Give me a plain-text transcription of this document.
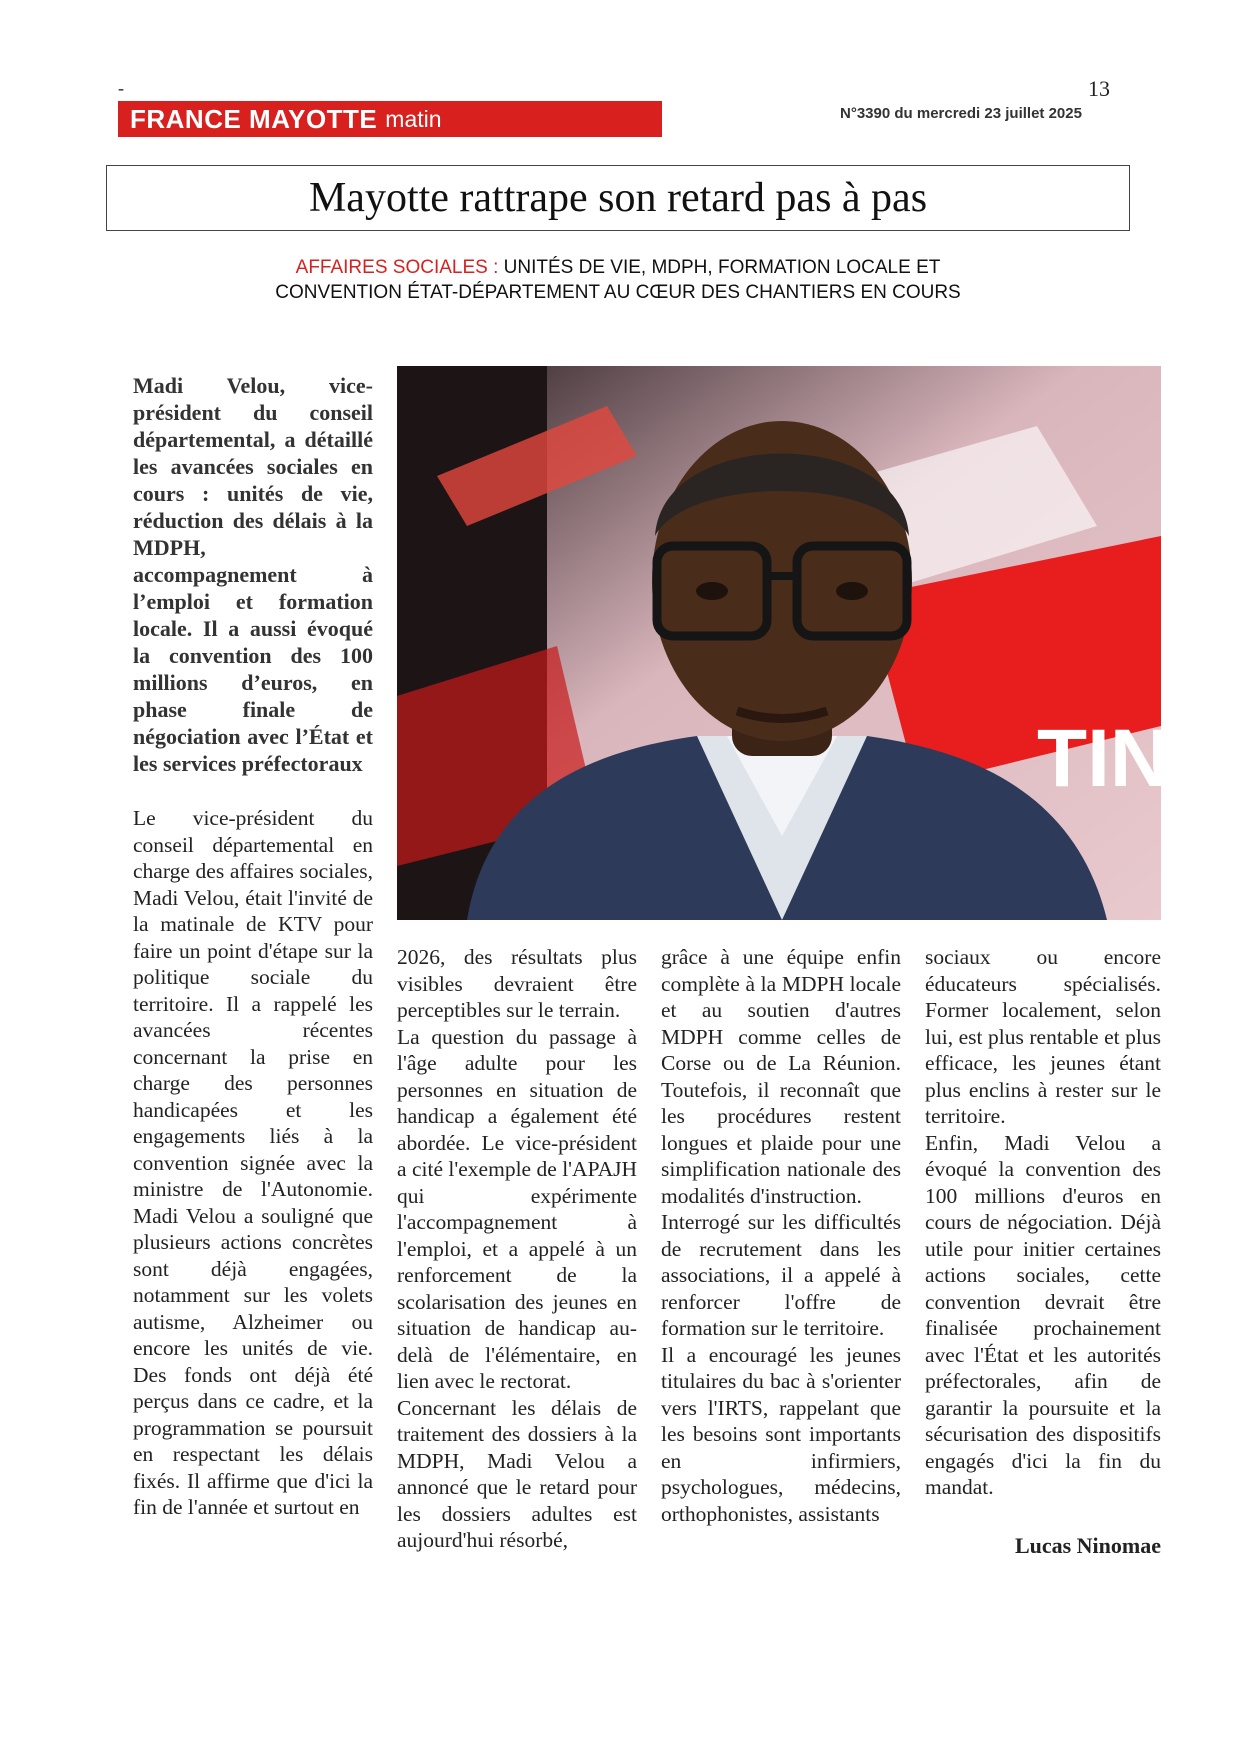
-	13
FRANCE MAYOTTE matin	N°3390 du mercredi 23 juillet 2025
Mayotte rattrape son retard pas à pas
AFFAIRES SOCIALES : UNITÉS DE VIE, MDPH, FORMATION LOCALE ET
CONVENTION ÉTAT-DÉPARTEMENT AU CŒUR DES CHANTIERS EN COURS
TINA
Madi Velou, vice-président du conseil départemental, a détaillé les avancées sociales en cours : unités de vie, réduction des délais à la MDPH, accompagnement à l’emploi et formation locale. Il a aussi évoqué la convention des 100 millions d’euros, en phase finale de négociation avec l’État et les services préfectoraux

Le vice-président du conseil départemental en charge des affaires sociales, Madi Velou, était l'invité de la matinale de KTV pour faire un point d'étape sur la politique sociale du territoire. Il a rappelé les avancées récentes concernant la prise en charge des personnes handicapées et les engagements liés à la convention signée avec la ministre de l'Autonomie. Madi Velou a souligné que plusieurs actions concrètes sont déjà engagées, notamment sur les volets autisme, Alzheimer ou encore les unités de vie. Des fonds ont déjà été perçus dans ce cadre, et la programmation se poursuit en respectant les délais fixés. Il affirme que d'ici la fin de l'année et surtout en

2026, des résultats plus visibles devraient être perceptibles sur le terrain.

La question du passage à l'âge adulte pour les personnes en situation de handicap a également été abordée. Le vice-président a cité l'exemple de l'APAJH qui expérimente l'accompagnement à l'emploi, et a appelé à un renforcement de la scolarisation des jeunes en situation de handicap au-delà de l'élémentaire, en lien avec le rectorat.

Concernant les délais de traitement des dossiers à la MDPH, Madi Velou a annoncé que le retard pour les dossiers adultes est aujourd'hui résorbé,

grâce à une équipe enfin complète à la MDPH locale et au soutien d'autres MDPH comme celles de Corse ou de La Réunion. Toutefois, il reconnaît que les procédures restent longues et plaide pour une simplification nationale des modalités d'instruction.

Interrogé sur les difficultés de recrutement dans les associations, il a appelé à renforcer l'offre de formation sur le territoire.

Il a encouragé les jeunes titulaires du bac à s'orienter vers l'IRTS, rappelant que les besoins sont importants en infirmiers, psychologues, médecins, orthophonistes, assistants

sociaux ou encore éducateurs spécialisés. Former localement, selon lui, est plus rentable et plus efficace, les jeunes étant plus enclins à rester sur le territoire.

Enfin, Madi Velou a évoqué la convention des 100 millions d'euros en cours de négociation. Déjà utile pour initier certaines actions sociales, cette convention devrait être finalisée prochainement avec l'État et les autorités préfectorales, afin de garantir la poursuite et la sécurisation des dispositifs engagés d'ici la fin du mandat.

Lucas Ninomae
